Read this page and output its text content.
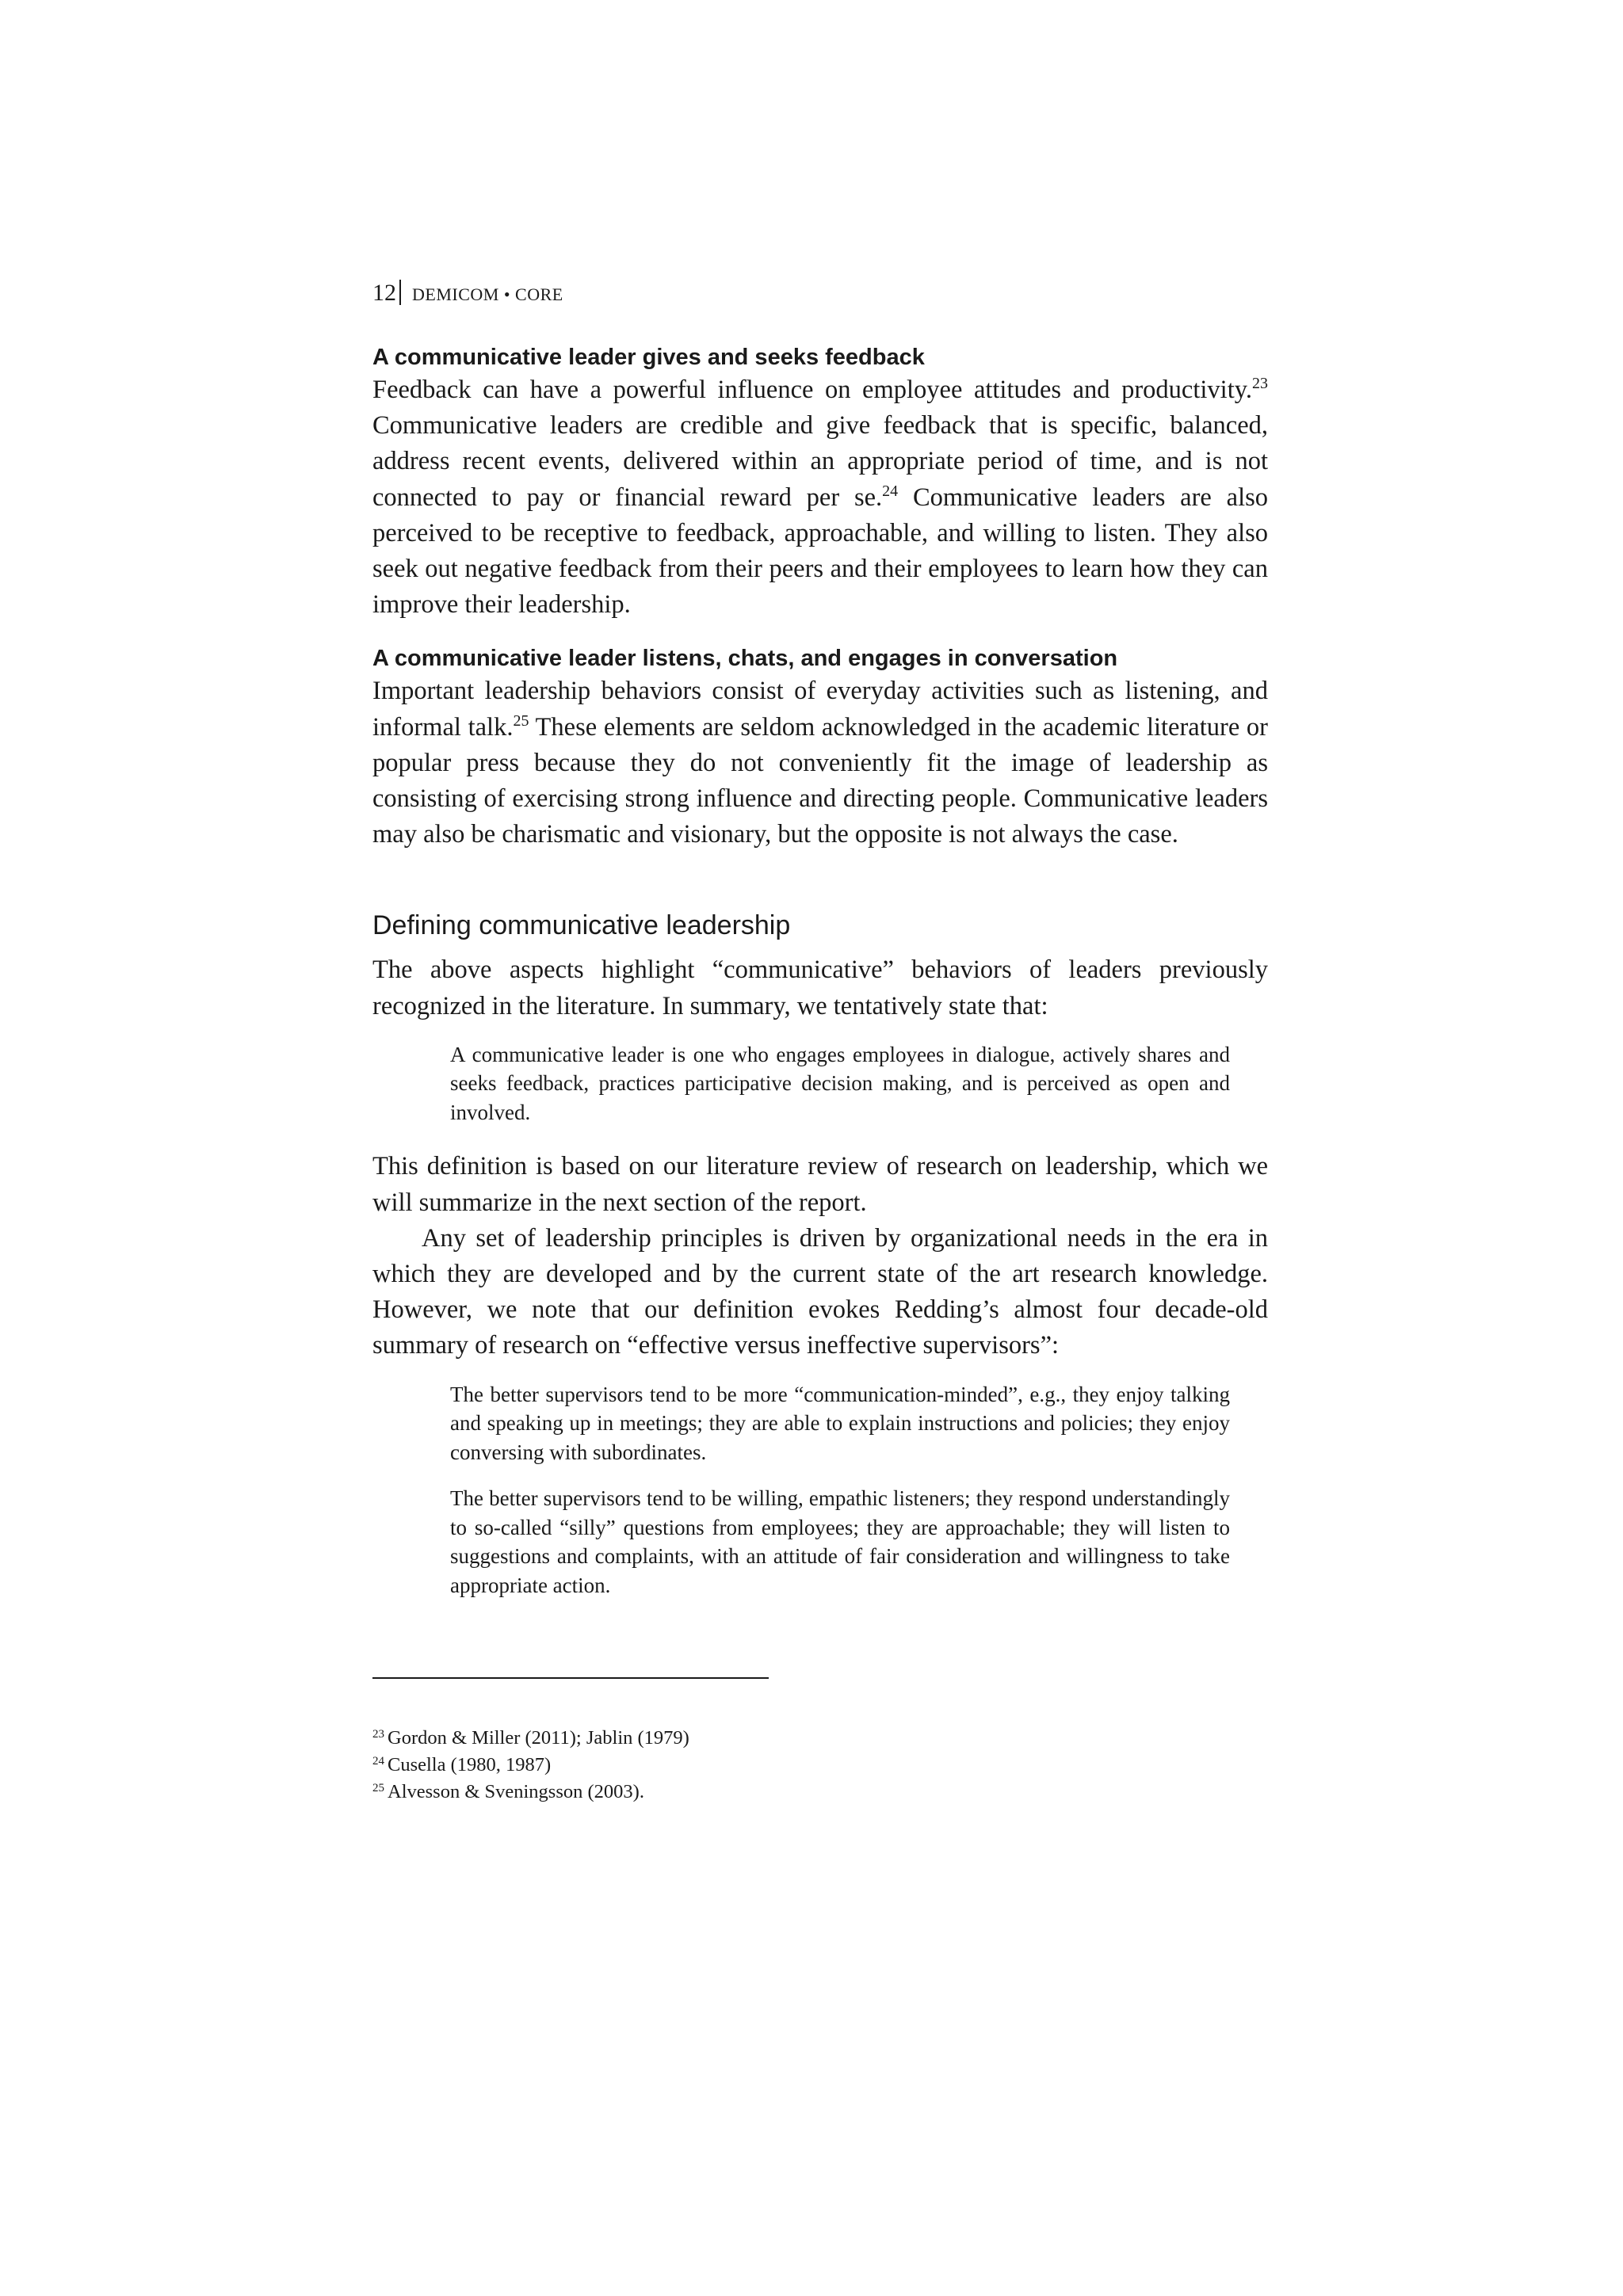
12 DEMICOM • CORE
A communicative leader gives and seeks feedback

Feedback can have a powerful influence on employee attitudes and productivity.$^{23}$ Communicative leaders are credible and give feedback that is specific, balanced, address recent events, delivered within an appropriate period of time, and is not connected to pay or financial reward per se.$^{24}$ Communicative leaders are also perceived to be receptive to feedback, approachable, and willing to listen. They also seek out negative feedback from their peers and their employees to learn how they can improve their leadership.

A communicative leader listens, chats, and engages in conversation

Important leadership behaviors consist of everyday activities such as listening, and informal talk.$^{25}$ These elements are seldom acknowledged in the academic literature or popular press because they do not conveniently fit the image of leadership as consisting of exercising strong influence and directing people. Communicative leaders may also be charismatic and visionary, but the opposite is not always the case.

Defining communicative leadership

The above aspects highlight “communicative” behaviors of leaders previously recognized in the literature. In summary, we tentatively state that:

A communicative leader is one who engages employees in dialogue, actively shares and seeks feedback, practices participative decision making, and is perceived as open and involved.

This definition is based on our literature review of research on leadership, which we will summarize in the next section of the report.

Any set of leadership principles is driven by organizational needs in the era in which they are developed and by the current state of the art research knowledge. However, we note that our definition evokes Redding’s almost four decade-old summary of research on “effective versus ineffective supervisors”:

The better supervisors tend to be more “communication-minded”, e.g., they enjoy talking and speaking up in meetings; they are able to explain instructions and policies; they enjoy conversing with subordinates.

The better supervisors tend to be willing, empathic listeners; they respond understandingly to so-called “silly” questions from employees; they are approachable; they will listen to suggestions and complaints, with an attitude of fair consideration and willingness to take appropriate action.

$^{23}$ Gordon & Miller (2011); Jablin (1979)

$^{24}$ Cusella (1980, 1987)

$^{25}$ Alvesson & Sveningsson (2003).
